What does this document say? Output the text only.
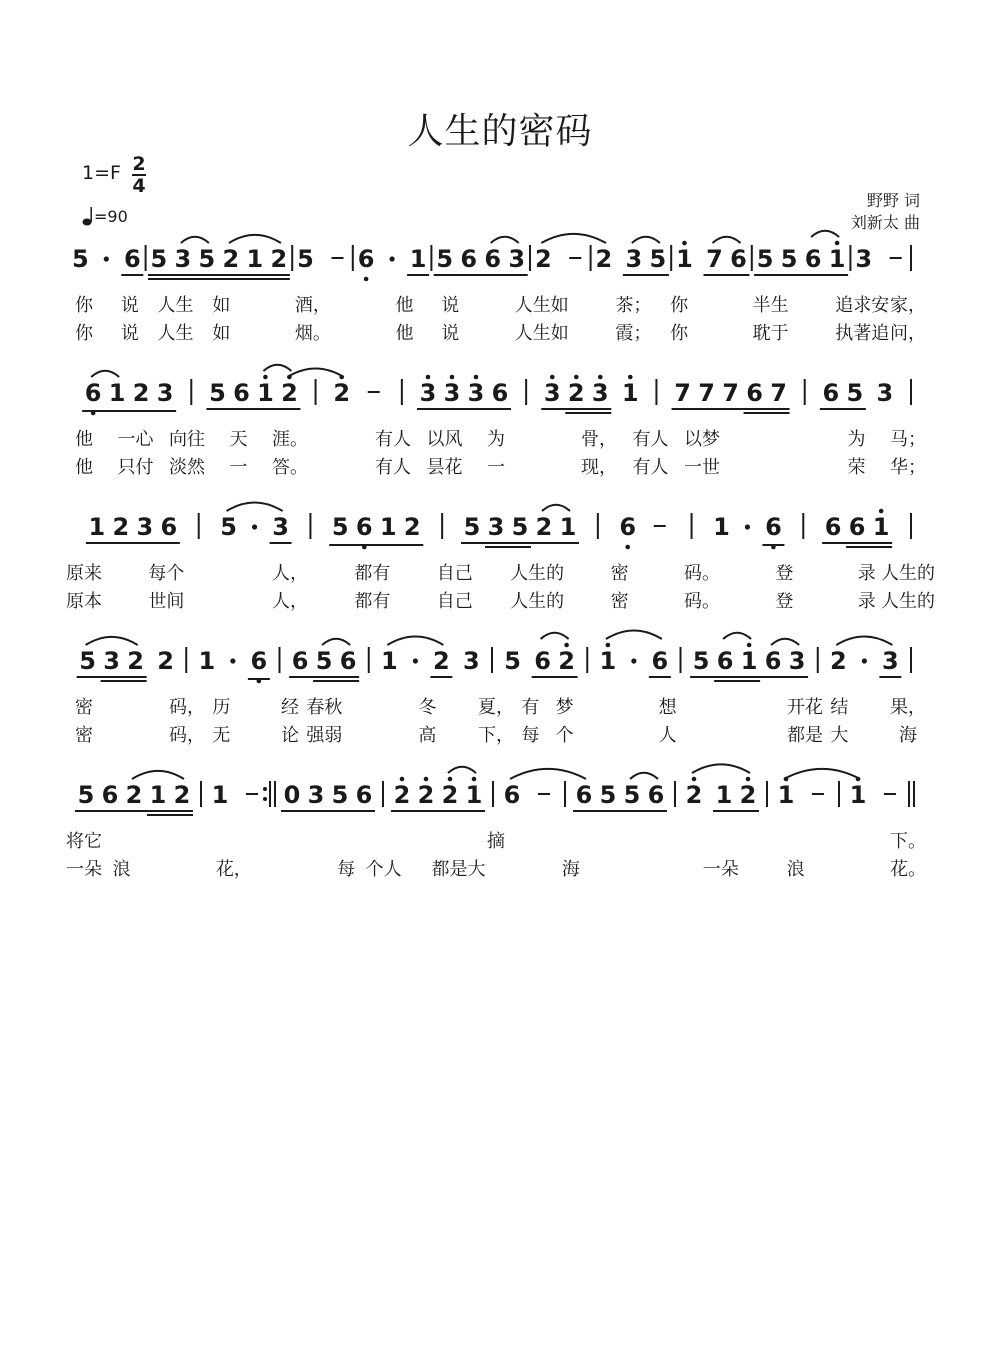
人生的密码
1=F 2
4
=90
野野 词
刘新太 曲
5 6 5 3 5 2 1 2 5 6 1 5 6 6 3 2 2 3 5 1 7 6 5 5 6 1 3
你 说 人生 如	酒，	他 说	人生如	茶； 你	半生	追求安 家，
你 说 人生 如	烟。	他 说	人生如	霞； 你	耽于	执著追 问，
6 1 2 3 5 6 1 2 2	3 3 3 6 3 2 3 1 7 7 7 6 7 6 5 3
他 一心 向往 天 涯。	有人 以风 为	骨， 有人 以梦	为 马；
他 只付 淡然 一 答。	有人 昙花 一	现， 有人 一世	荣 华；
1 2 3 6 5 3 5 6 1 2 5 3 5 2 1 6	1 6 6 6 1
原来	每个	人，	都有	自己 人生的	密	码。	登	录 人生的
原本	世间	人，	都有	自己 人生的	密	码。	登	录 人生的
5 3 2 2 1 6 6 5 6 1 2 3 5 6 2 1 6 5 6 1 6 3 2 3
密	码， 历	经 春秋	冬 夏， 有 梦	想	开花 结 果，
密	码， 无	论 强弱	高 下， 每 个	人	都是 大	海
5 6 2 1 2 1 0 3 5 6 2 2 2 1 6 6 5 5 6 2 1 2 1 1
将它	摘	下。
一朵 浪	花，	每 个人 都是大	海	一朵	浪	花。
